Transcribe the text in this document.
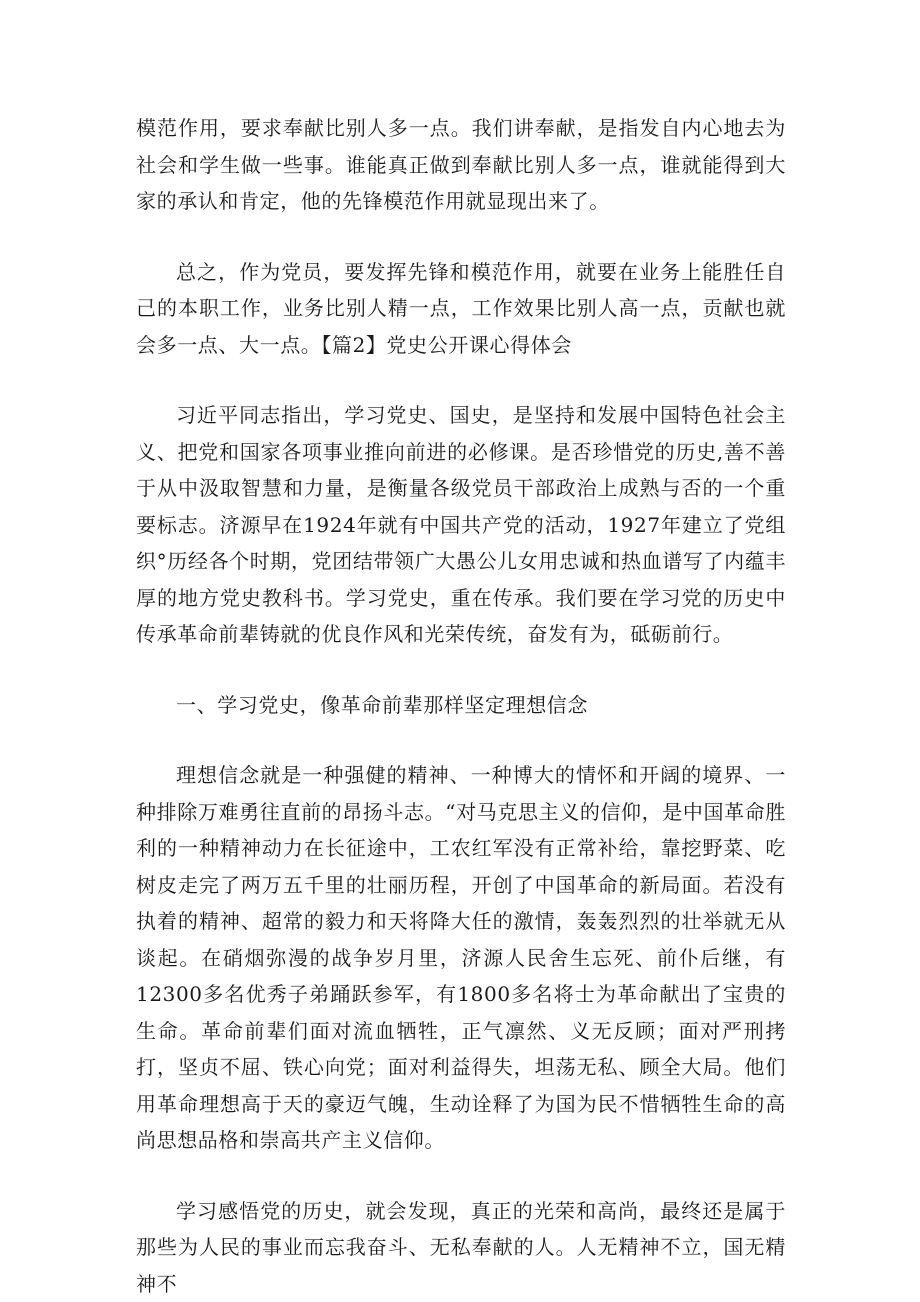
模范作用，要求奉献比别人多一点。我们讲奉献，是指发自内心地去为社会和学生做一些事。谁能真正做到奉献比别人多一点，谁就能得到大家的承认和肯定，他的先锋模范作用就显现出来了。

总之，作为党员，要发挥先锋和模范作用，就要在业务上能胜任自己的本职工作，业务比别人精一点，工作效果比别人高一点，贡献也就会多一点、大一点。【篇2】党史公开课心得体会

习近平同志指出，学习党史、国史，是坚持和发展中国特色社会主义、把党和国家各项事业推向前进的必修课。是否珍惜党的历史,善不善于从中汲取智慧和力量，是衡量各级党员干部政治上成熟与否的一个重要标志。济源早在1924年就有中国共产党的活动，1927年建立了党组织°历经各个时期，党团结带领广大愚公儿女用忠诚和热血谱写了内蕴丰厚的地方党史教科书。学习党史，重在传承。我们要在学习党的历史中传承革命前辈铸就的优良作风和光荣传统，奋发有为，砥砺前行。

一、学习党史，像革命前辈那样坚定理想信念

理想信念就是一种强健的精神、一种博大的情怀和开阔的境界、一种排除万难勇往直前的昂扬斗志。“对马克思主义的信仰，是中国革命胜利的一种精神动力在长征途中，工农红军没有正常补给，靠挖野菜、吃树皮走完了两万五千里的壮丽历程，开创了中国革命的新局面。若没有执着的精神、超常的毅力和天将降大任的激情，轰轰烈烈的壮举就无从谈起。在硝烟弥漫的战争岁月里，济源人民舍生忘死、前仆后继，有12300多名优秀子弟踊跃参军，有1800多名将士为革命献出了宝贵的生命。革命前辈们面对流血牺牲，正气凛然、义无反顾；面对严刑拷打，坚贞不屈、铁心向党；面对利益得失，坦荡无私、顾全大局。他们用革命理想高于天的豪迈气魄，生动诠释了为国为民不惜牺牲生命的高尚思想品格和崇高共产主义信仰。

学习感悟党的历史，就会发现，真正的光荣和高尚，最终还是属于那些为人民的事业而忘我奋斗、无私奉献的人。人无精神不立，国无精神不
